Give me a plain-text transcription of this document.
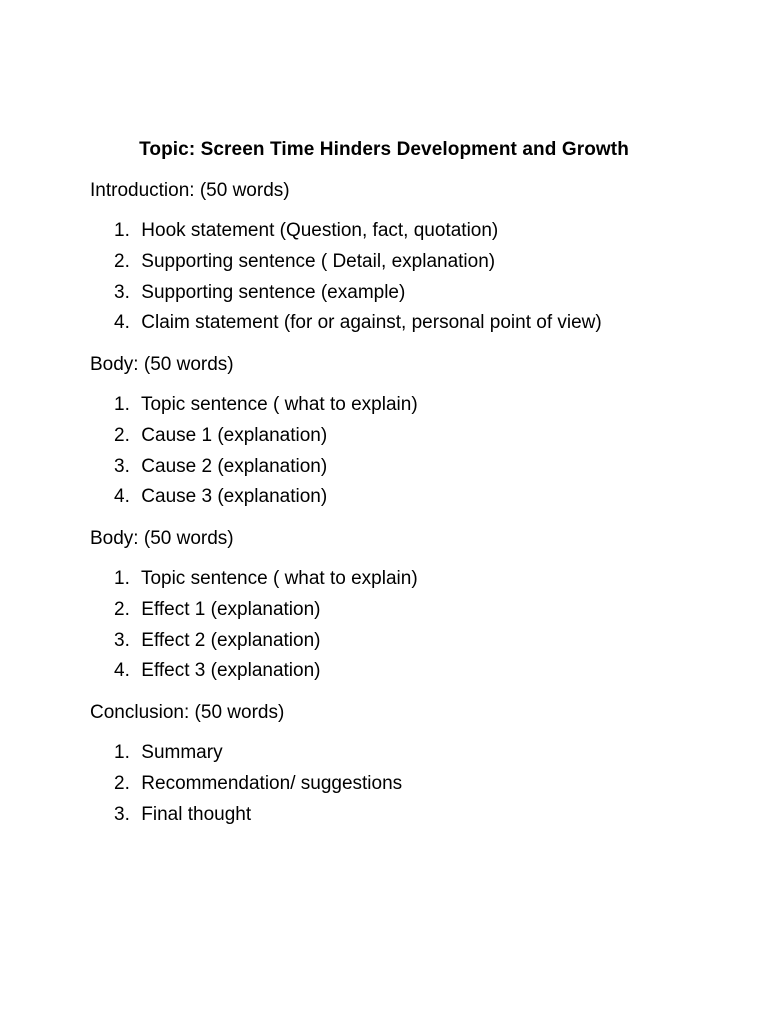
Topic: Screen Time Hinders Development and Growth

Introduction: (50 words)

1. Hook statement (Question, fact, quotation)
2. Supporting sentence ( Detail, explanation)
3. Supporting sentence (example)
4. Claim statement (for or against, personal point of view)

Body: (50 words)

1. Topic sentence ( what to explain)
2. Cause 1 (explanation)
3. Cause 2 (explanation)
4. Cause 3 (explanation)

Body: (50 words)

1. Topic sentence ( what to explain)
2. Effect 1 (explanation)
3. Effect 2 (explanation)
4. Effect 3 (explanation)

Conclusion: (50 words)

1. Summary
2. Recommendation/ suggestions
3. Final thought
